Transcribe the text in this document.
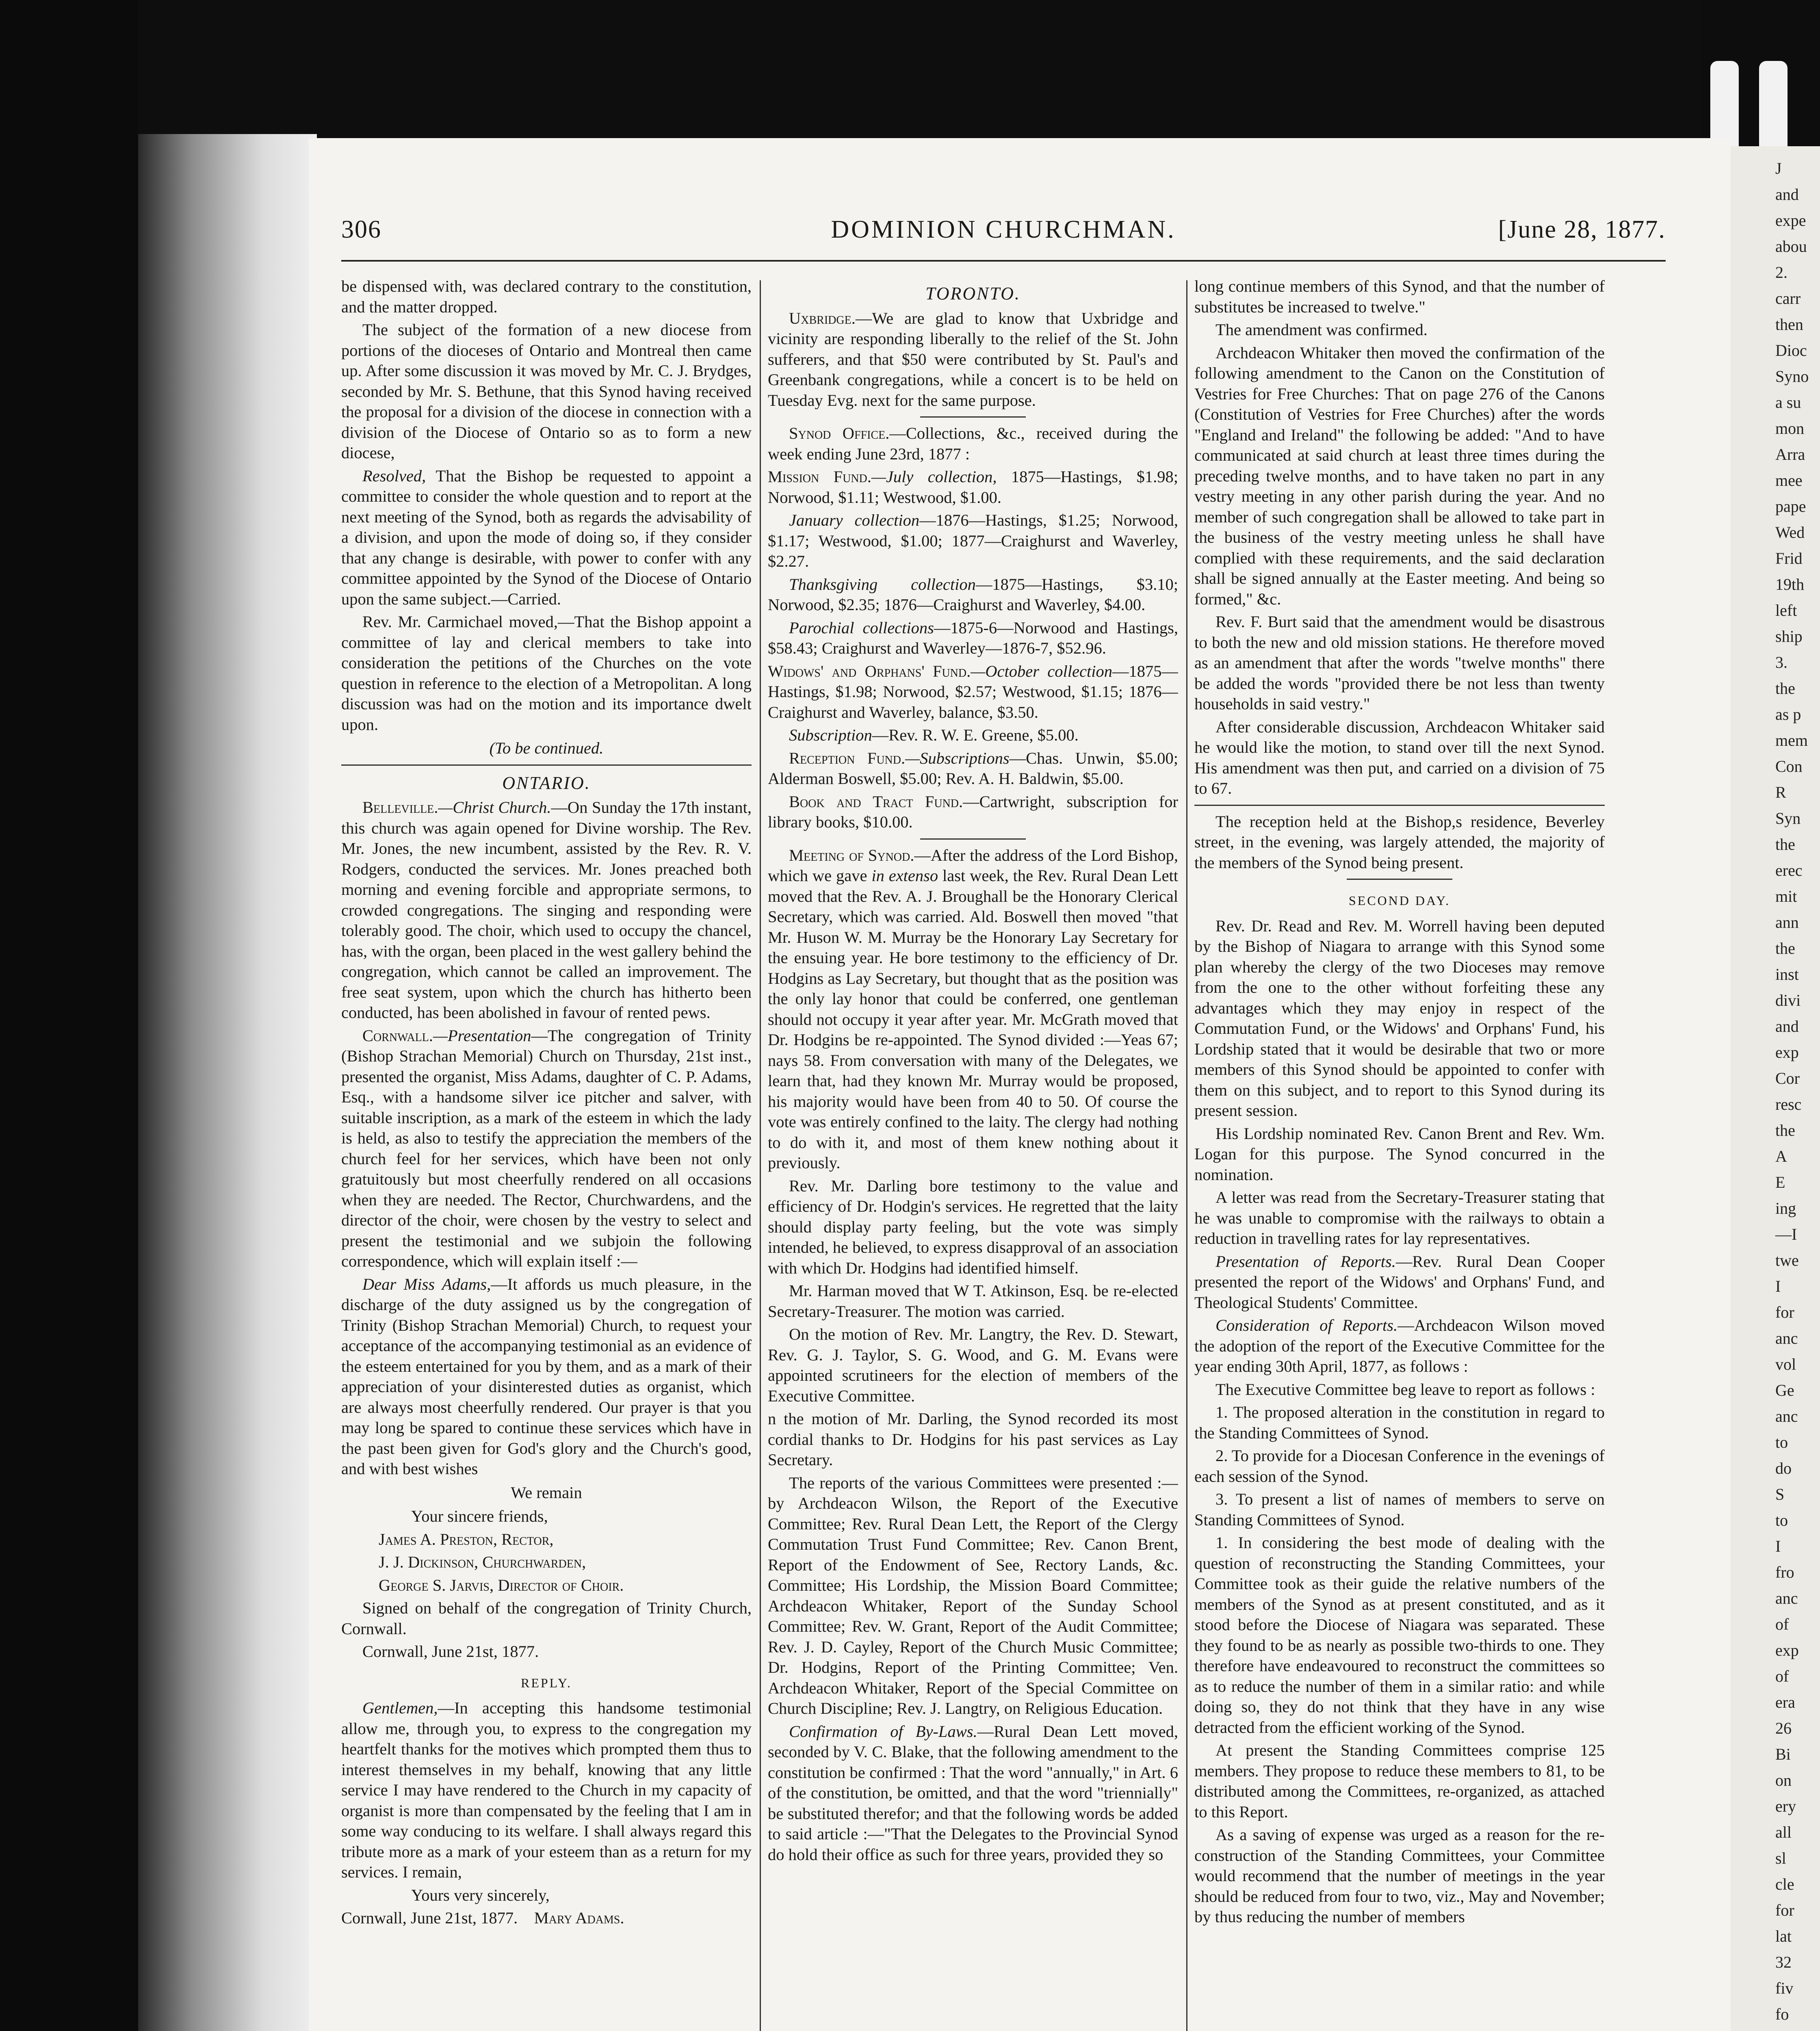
306	DOMINION CHURCHMAN.	[June 28, 1877.

be dispensed with, was declared contrary to the constitution, and the matter dropped.

The subject of the formation of a new diocese from portions of the dioceses of Ontario and Montreal then came up. After some discussion it was moved by Mr. C. J. Brydges, seconded by Mr. S. Bethune, that this Synod having received the proposal for a division of the diocese in connection with a division of the Diocese of Ontario so as to form a new diocese,

Resolved, That the Bishop be requested to appoint a committee to consider the whole question and to report at the next meeting of the Synod, both as regards the advisability of a division, and upon the mode of doing so, if they consider that any change is desirable, with power to confer with any committee appointed by the Synod of the Diocese of Ontario upon the same subject.—Carried.

Rev. Mr. Carmichael moved,—That the Bishop appoint a committee of lay and clerical members to take into consideration the petitions of the Churches on the vote question in reference to the election of a Metropolitan. A long discussion was had on the motion and its importance dwelt upon.

(To be continued.

ONTARIO.

Belleville.—Christ Church.—On Sunday the 17th instant, this church was again opened for Divine worship. The Rev. Mr. Jones, the new incumbent, assisted by the Rev. R. V. Rodgers, conducted the services. Mr. Jones preached both morning and evening forcible and appropriate sermons, to crowded congregations. The singing and responding were tolerably good. The choir, which used to occupy the chancel, has, with the organ, been placed in the west gallery behind the congregation, which cannot be called an improvement. The free seat system, upon which the church has hitherto been conducted, has been abolished in favour of rented pews.

Cornwall.—Presentation—The congregation of Trinity (Bishop Strachan Memorial) Church on Thursday, 21st inst., presented the organist, Miss Adams, daughter of C. P. Adams, Esq., with a handsome silver ice pitcher and salver, with suitable inscription, as a mark of the esteem in which the lady is held, as also to testify the appreciation the members of the church feel for her services, which have been not only gratuitously but most cheerfully rendered on all occasions when they are needed. The Rector, Churchwardens, and the director of the choir, were chosen by the vestry to select and present the testimonial and we subjoin the following correspondence, which will explain itself :—

Dear Miss Adams,—It affords us much pleasure, in the discharge of the duty assigned us by the congregation of Trinity (Bishop Strachan Memorial) Church, to request your acceptance of the accompanying testimonial as an evidence of the esteem entertained for you by them, and as a mark of their appreciation of your disinterested duties as organist, which are always most cheerfully rendered. Our prayer is that you may long be spared to continue these services which have in the past been given for God's glory and the Church's good, and with best wishes

We remain

Your sincere friends,

James A. Preston, Rector,

J. J. Dickinson, Churchwarden,

George S. Jarvis, Director of Choir.

Signed on behalf of the congregation of Trinity Church, Cornwall.

Cornwall, June 21st, 1877.

REPLY.

Gentlemen,—In accepting this handsome testimonial allow me, through you, to express to the congregation my heartfelt thanks for the motives which prompted them thus to interest themselves in my behalf, knowing that any little service I may have rendered to the Church in my capacity of organist is more than compensated by the feeling that I am in some way conducing to its welfare. I shall always regard this tribute more as a mark of your esteem than as a return for my services. I remain,

Yours very sincerely,

Cornwall, June 21st, 1877. Mary Adams.

TORONTO.

Uxbridge.—We are glad to know that Uxbridge and vicinity are responding liberally to the relief of the St. John sufferers, and that $50 were contributed by St. Paul's and Greenbank congregations, while a concert is to be held on Tuesday Evg. next for the same purpose.

Synod Office.—Collections, &c., received during the week ending June 23rd, 1877 :

Mission Fund.—July collection, 1875—Hastings, $1.98; Norwood, $1.11; Westwood, $1.00.

January collection—1876—Hastings, $1.25; Norwood, $1.17; Westwood, $1.00; 1877—Craighurst and Waverley, $2.27.

Thanksgiving collection—1875—Hastings, $3.10; Norwood, $2.35; 1876—Craighurst and Waverley, $4.00.

Parochial collections—1875-6—Norwood and Hastings, $58.43; Craighurst and Waverley—1876-7, $52.96.

Widows' and Orphans' Fund.—October collection—1875—Hastings, $1.98; Norwood, $2.57; Westwood, $1.15; 1876—Craighurst and Waverley, balance, $3.50.

Subscription—Rev. R. W. E. Greene, $5.00.

Reception Fund.—Subscriptions—Chas. Unwin, $5.00; Alderman Boswell, $5.00; Rev. A. H. Baldwin, $5.00.

Book and Tract Fund.—Cartwright, subscription for library books, $10.00.

Meeting of Synod.—After the address of the Lord Bishop, which we gave in extenso last week, the Rev. Rural Dean Lett moved that the Rev. A. J. Broughall be the Honorary Clerical Secretary, which was carried. Ald. Boswell then moved "that Mr. Huson W. M. Murray be the Honorary Lay Secretary for the ensuing year. He bore testimony to the efficiency of Dr. Hodgins as Lay Secretary, but thought that as the position was the only lay honor that could be conferred, one gentleman should not occupy it year after year. Mr. McGrath moved that Dr. Hodgins be re-appointed. The Synod divided :—Yeas 67; nays 58. From conversation with many of the Delegates, we learn that, had they known Mr. Murray would be proposed, his majority would have been from 40 to 50. Of course the vote was entirely confined to the laity. The clergy had nothing to do with it, and most of them knew nothing about it previously.

Rev. Mr. Darling bore testimony to the value and efficiency of Dr. Hodgin's services. He regretted that the laity should display party feeling, but the vote was simply intended, he believed, to express disapproval of an association with which Dr. Hodgins had identified himself.

Mr. Harman moved that W T. Atkinson, Esq. be re-elected Secretary-Treasurer. The motion was carried.

On the motion of Rev. Mr. Langtry, the Rev. D. Stewart, Rev. G. J. Taylor, S. G. Wood, and G. M. Evans were appointed scrutineers for the election of members of the Executive Committee.

n the motion of Mr. Darling, the Synod recorded its most cordial thanks to Dr. Hodgins for his past services as Lay Secretary.

The reports of the various Committees were presented :—by Archdeacon Wilson, the Report of the Executive Committee; Rev. Rural Dean Lett, the Report of the Clergy Commutation Trust Fund Committee; Rev. Canon Brent, Report of the Endowment of See, Rectory Lands, &c. Committee; His Lordship, the Mission Board Committee; Archdeacon Whitaker, Report of the Sunday School Committee; Rev. W. Grant, Report of the Audit Committee; Rev. J. D. Cayley, Report of the Church Music Committee; Dr. Hodgins, Report of the Printing Committee; Ven. Archdeacon Whitaker, Report of the Special Committee on Church Discipline; Rev. J. Langtry, on Religious Education.

Confirmation of By-Laws.—Rural Dean Lett moved, seconded by V. C. Blake, that the following amendment to the constitution be confirmed : That the word "annually," in Art. 6 of the constitution, be omitted, and that the word "triennially" be substituted therefor; and that the following words be added to said article :—"That the Delegates to the Provincial Synod do hold their office as such for three years, provided they so

long continue members of this Synod, and that the number of substitutes be increased to twelve."

The amendment was confirmed.

Archdeacon Whitaker then moved the confirmation of the following amendment to the Canon on the Constitution of Vestries for Free Churches: That on page 276 of the Canons (Constitution of Vestries for Free Churches) after the words "England and Ireland" the following be added: "And to have communicated at said church at least three times during the preceding twelve months, and to have taken no part in any vestry meeting in any other parish during the year. And no member of such congregation shall be allowed to take part in the business of the vestry meeting unless he shall have complied with these requirements, and the said declaration shall be signed annually at the Easter meeting. And being so formed," &c.

Rev. F. Burt said that the amendment would be disastrous to both the new and old mission stations. He therefore moved as an amendment that after the words "twelve months" there be added the words "provided there be not less than twenty households in said vestry."

After considerable discussion, Archdeacon Whitaker said he would like the motion, to stand over till the next Synod. His amendment was then put, and carried on a division of 75 to 67.

The reception held at the Bishop,s residence, Beverley street, in the evening, was largely attended, the majority of the members of the Synod being present.

SECOND DAY.

Rev. Dr. Read and Rev. M. Worrell having been deputed by the Bishop of Niagara to arrange with this Synod some plan whereby the clergy of the two Dioceses may remove from the one to the other without forfeiting these any advantages which they may enjoy in respect of the Commutation Fund, or the Widows' and Orphans' Fund, his Lordship stated that it would be desirable that two or more members of this Synod should be appointed to confer with them on this subject, and to report to this Synod during its present session.

His Lordship nominated Rev. Canon Brent and Rev. Wm. Logan for this purpose. The Synod concurred in the nomination.

A letter was read from the Secretary-Treasurer stating that he was unable to compromise with the railways to obtain a reduction in travelling rates for lay representatives.

Presentation of Reports.—Rev. Rural Dean Cooper presented the report of the Widows' and Orphans' Fund, and Theological Students' Committee.

Consideration of Reports.—Archdeacon Wilson moved the adoption of the report of the Executive Committee for the year ending 30th April, 1877, as follows :

The Executive Committee beg leave to report as follows :

1. The proposed alteration in the constitution in regard to the Standing Committees of Synod.

2. To provide for a Diocesan Conference in the evenings of each session of the Synod.

3. To present a list of names of members to serve on Standing Committees of Synod.

1. In considering the best mode of dealing with the question of reconstructing the Standing Committees, your Committee took as their guide the relative numbers of the members of the Synod as at present constituted, and as it stood before the Diocese of Niagara was separated. These they found to be as nearly as possible two-thirds to one. They therefore have endeavoured to reconstruct the committees so as to reduce the number of them in a similar ratio: and while doing so, they do not think that they have in any wise detracted from the efficient working of the Synod.

At present the Standing Committees comprise 125 members. They propose to reduce these members to 81, to be distributed among the Committees, re-organized, as attached to this Report.

As a saving of expense was urged as a reason for the re-construction of the Standing Committees, your Committee would recommend that the number of meetings in the year should be reduced from four to two, viz., May and November; by thus reducing the number of members

J
and
expe
abou
2.
carr
then
Dioc
Syno
a su
mon
Arra
mee
pape
Wed
Frid
19th
left
ship
3.
the
as p
mem
Con
R
Syn
the
erec
mit
ann
the
inst
divi
and
exp
Cor
resc
the
A
E
ing
—I
twe
I
for
anc
vol
Ge
anc
to
do
S
to
I
fro
anc
of
exp
of
era
26
Bi
on
ery
all
sl
cle
for
lat
32
fiv
fo
